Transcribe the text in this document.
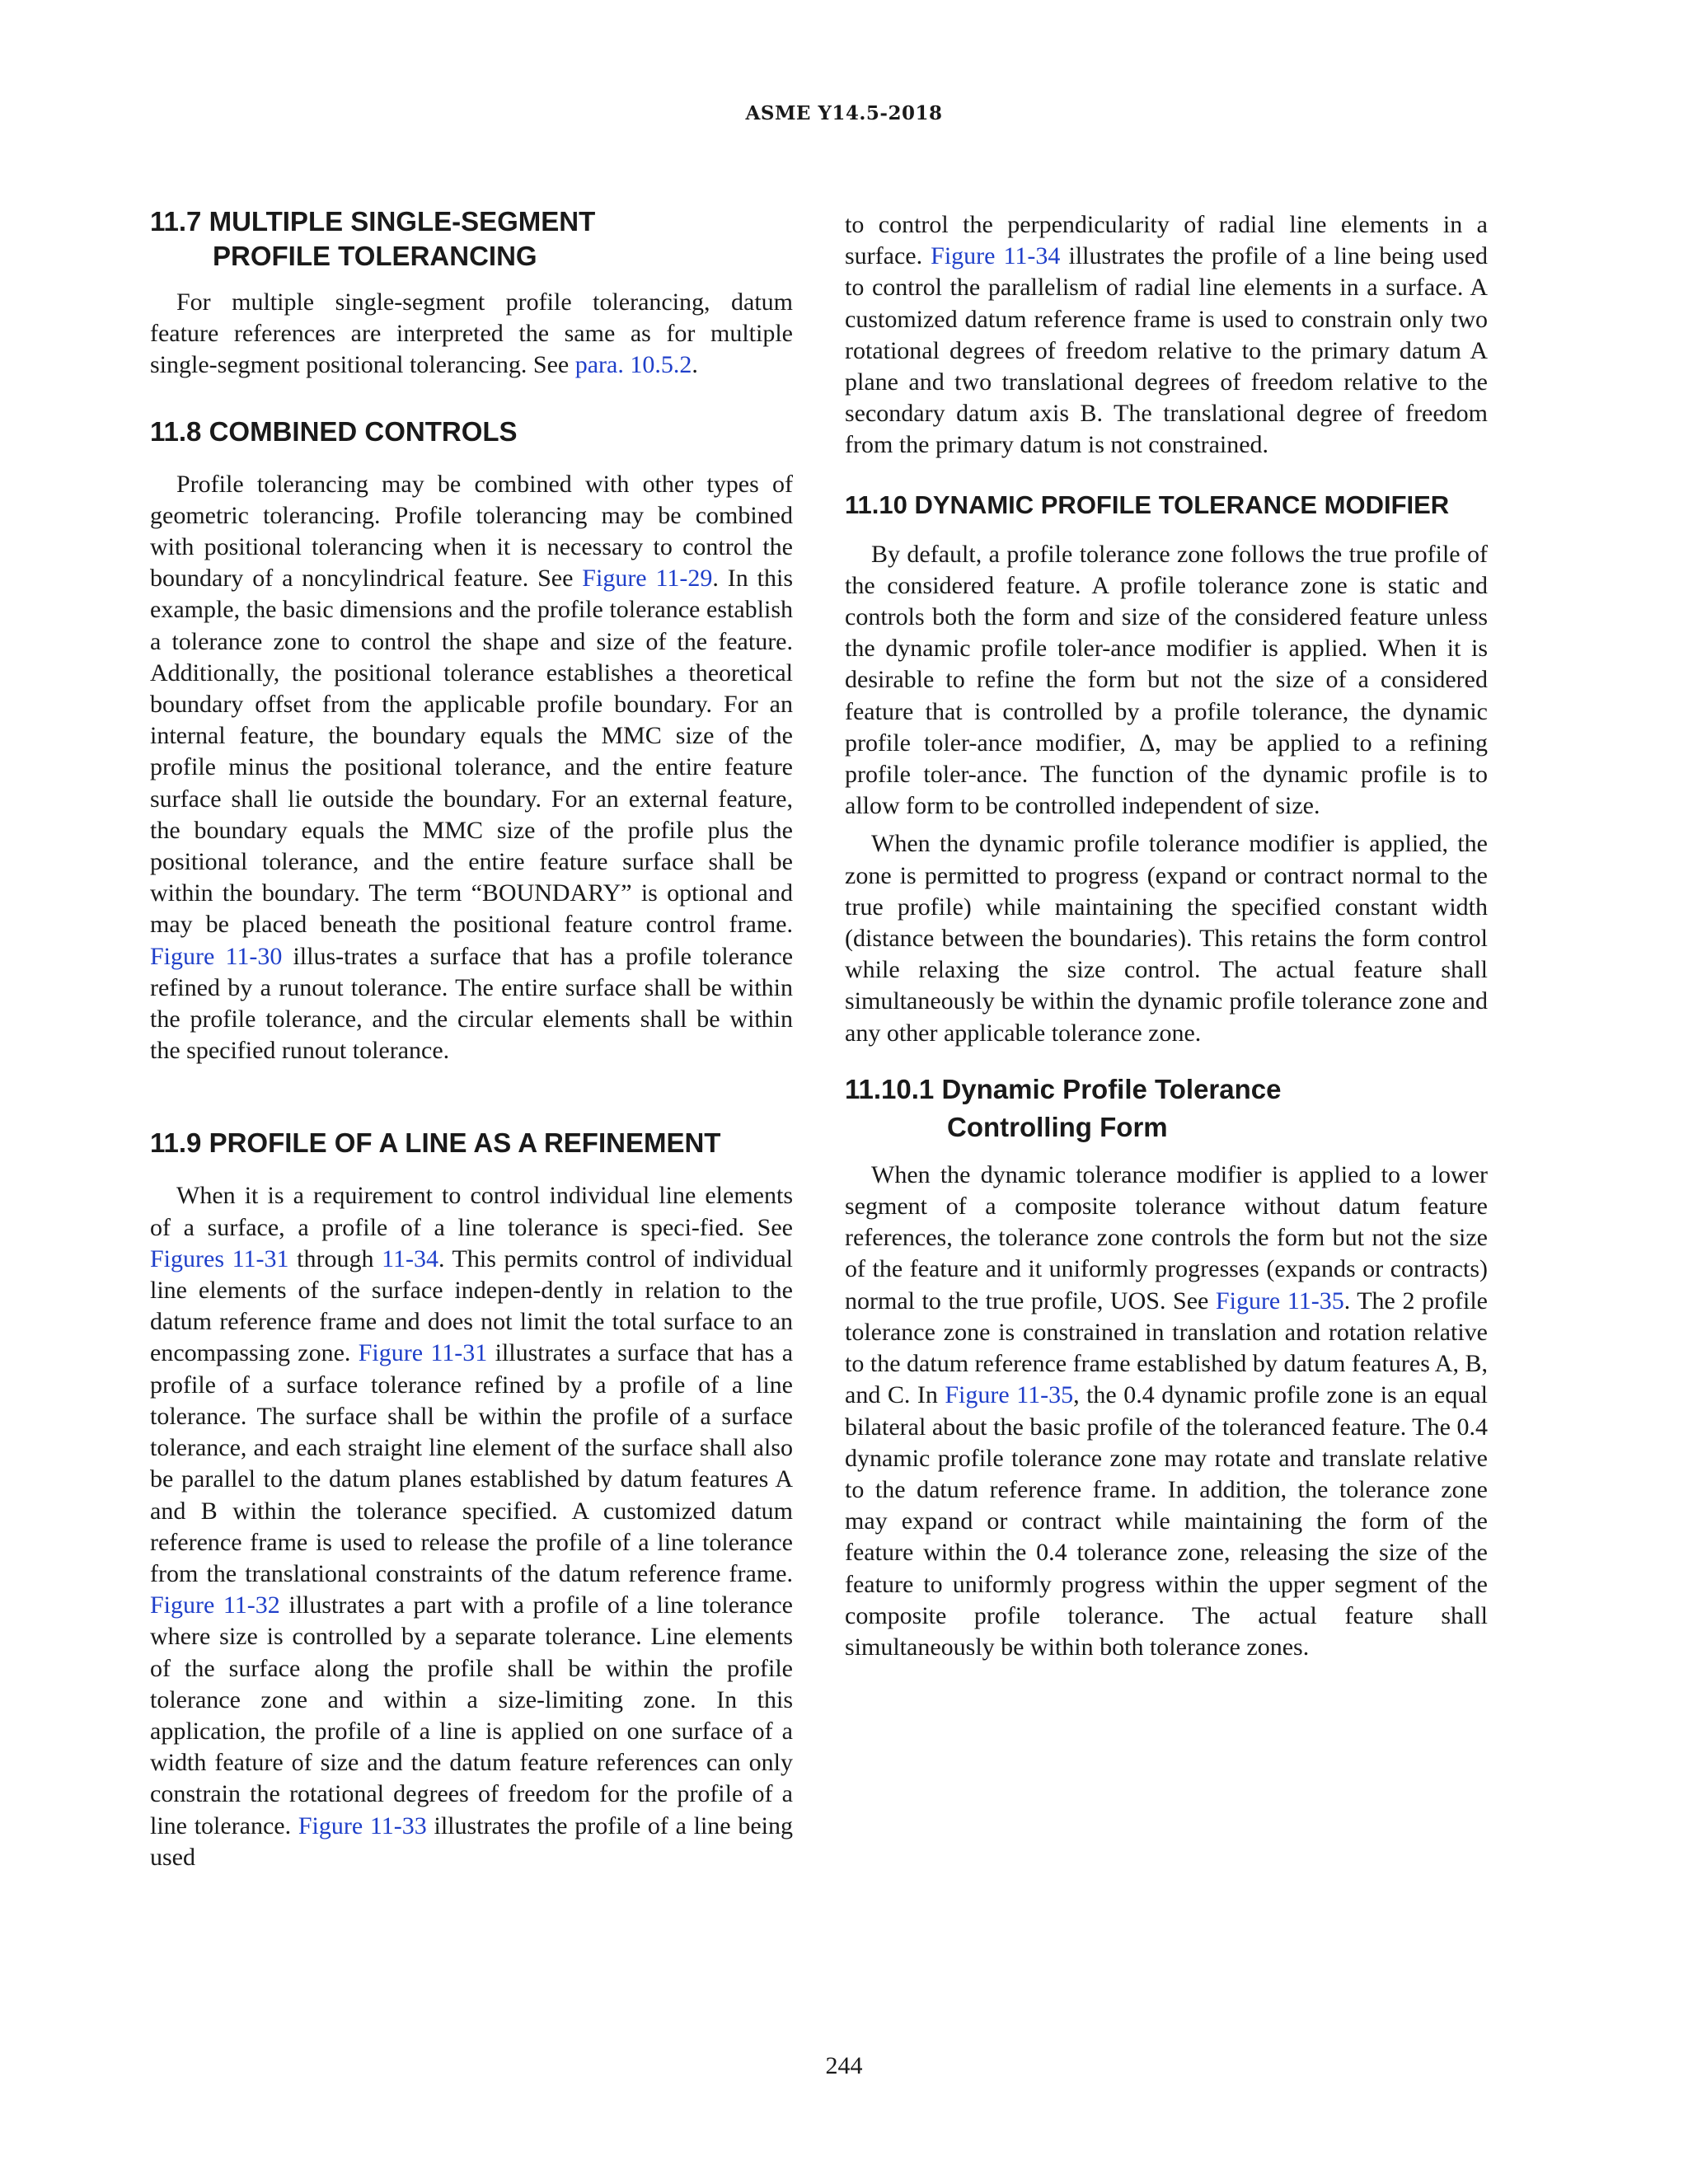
ASME Y14.5-2018
11.7 MULTIPLE SINGLE-SEGMENT
PROFILE TOLERANCING

For multiple single-segment profile tolerancing, datum feature references are interpreted the same as for multiple single-segment positional tolerancing. See para. 10.5.2.

11.8 COMBINED CONTROLS

Profile tolerancing may be combined with other types of geometric tolerancing. Profile tolerancing may be combined with positional tolerancing when it is necessary to control the boundary of a noncylindrical feature. See Figure 11-29. In this example, the basic dimensions and the profile tolerance establish a tolerance zone to control the shape and size of the feature. Additionally, the positional tolerance establishes a theoretical boundary offset from the applicable profile boundary. For an internal feature, the boundary equals the MMC size of the profile minus the positional tolerance, and the entire feature surface shall lie outside the boundary. For an external feature, the boundary equals the MMC size of the profile plus the positional tolerance, and the entire feature surface shall be within the boundary. The term “BOUNDARY” is optional and may be placed beneath the positional feature control frame. Figure 11-30 illus-trates a surface that has a profile tolerance refined by a runout tolerance. The entire surface shall be within the profile tolerance, and the circular elements shall be within the specified runout tolerance.

11.9 PROFILE OF A LINE AS A REFINEMENT

When it is a requirement to control individual line elements of a surface, a profile of a line tolerance is speci-fied. See Figures 11-31 through 11-34. This permits control of individual line elements of the surface indepen-dently in relation to the datum reference frame and does not limit the total surface to an encompassing zone. Figure 11-31 illustrates a surface that has a profile of a surface tolerance refined by a profile of a line tolerance. The surface shall be within the profile of a surface tolerance, and each straight line element of the surface shall also be parallel to the datum planes established by datum features A and B within the tolerance specified. A customized datum reference frame is used to release the profile of a line tolerance from the translational constraints of the datum reference frame. Figure 11-32 illustrates a part with a profile of a line tolerance where size is controlled by a separate tolerance. Line elements of the surface along the profile shall be within the profile tolerance zone and within a size-limiting zone. In this application, the profile of a line is applied on one surface of a width feature of size and the datum feature references can only constrain the rotational degrees of freedom for the profile of a line tolerance. Figure 11-33 illustrates the profile of a line being used

to control the perpendicularity of radial line elements in a surface. Figure 11-34 illustrates the profile of a line being used to control the parallelism of radial line elements in a surface. A customized datum reference frame is used to constrain only two rotational degrees of freedom relative to the primary datum A plane and two translational degrees of freedom relative to the secondary datum axis B. The translational degree of freedom from the primary datum is not constrained.

11.10 DYNAMIC PROFILE TOLERANCE MODIFIER

By default, a profile tolerance zone follows the true profile of the considered feature. A profile tolerance zone is static and controls both the form and size of the considered feature unless the dynamic profile toler-ance modifier is applied. When it is desirable to refine the form but not the size of a considered feature that is controlled by a profile tolerance, the dynamic profile toler-ance modifier, Δ, may be applied to a refining profile toler-ance. The function of the dynamic profile is to allow form to be controlled independent of size.

When the dynamic profile tolerance modifier is applied, the zone is permitted to progress (expand or contract normal to the true profile) while maintaining the specified constant width (distance between the boundaries). This retains the form control while relaxing the size control. The actual feature shall simultaneously be within the dynamic profile tolerance zone and any other applicable tolerance zone.

11.10.1 Dynamic Profile Tolerance
Controlling Form

When the dynamic tolerance modifier is applied to a lower segment of a composite tolerance without datum feature references, the tolerance zone controls the form but not the size of the feature and it uniformly progresses (expands or contracts) normal to the true profile, UOS. See Figure 11-35. The 2 profile tolerance zone is constrained in translation and rotation relative to the datum reference frame established by datum features A, B, and C. In Figure 11-35, the 0.4 dynamic profile zone is an equal bilateral about the basic profile of the toleranced feature. The 0.4 dynamic profile tolerance zone may rotate and translate relative to the datum reference frame. In addition, the tolerance zone may expand or contract while maintaining the form of the feature within the 0.4 tolerance zone, releasing the size of the feature to uniformly progress within the upper segment of the composite profile tolerance. The actual feature shall simultaneously be within both tolerance zones.

244
